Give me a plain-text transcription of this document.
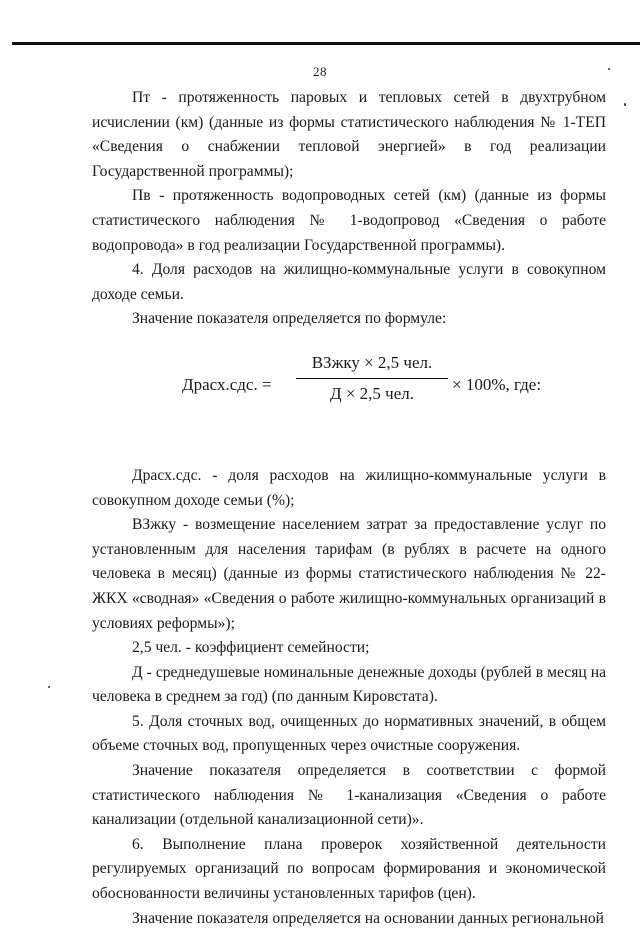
28

Пт - протяженность паровых и тепловых сетей в двухтрубном исчислении (км) (данные из формы статистического наблюдения № 1-ТЕП «Сведения о снабжении тепловой энергией» в год реализации Государственной программы);

Пв - протяженность водопроводных сетей (км) (данные из формы статистического наблюдения № 1-водопровод «Сведения о работе водопровода» в год реализации Государственной программы).

4. Доля расходов на жилищно-коммунальные услуги в совокупном доходе семьи.

Значение показателя определяется по формуле:

Драсх.сдс. =
ВЗжку × 2,5 чел.
Д × 2,5 чел.	× 100%, где:

Драсх.сдс. - доля расходов на жилищно-коммунальные услуги в совокупном доходе семьи (%);

ВЗжку - возмещение населением затрат за предоставление услуг по установленным для населения тарифам (в рублях в расчете на одного человека в месяц) (данные из формы статистического наблюдения № 22-ЖКХ «сводная» «Сведения о работе жилищно-коммунальных организаций в условиях реформы»);

2,5 чел. - коэффициент семейности;

Д - среднедушевые номинальные денежные доходы (рублей в месяц на человека в среднем за год) (по данным Кировстата).

5. Доля сточных вод, очищенных до нормативных значений, в общем объеме сточных вод, пропущенных через очистные сооружения.

Значение показателя определяется в соответствии с формой статистического наблюдения № 1-канализация «Сведения о работе канализации (отдельной канализационной сети)».

6. Выполнение плана проверок хозяйственной деятельности регулируемых организаций по вопросам формирования и экономической обоснованности величины установленных тарифов (цен).

Значение показателя определяется на основании данных региональной
